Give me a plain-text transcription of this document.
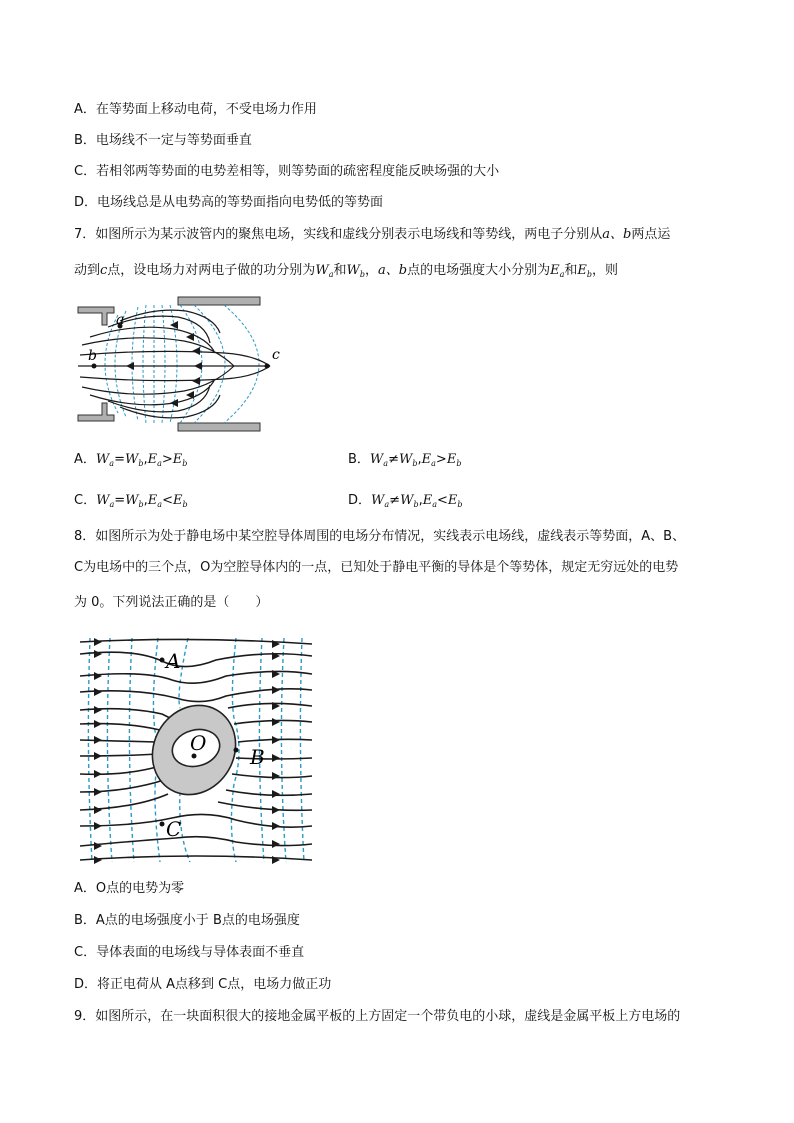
A．在等势面上移动电荷，不受电场力作用
B．电场线不一定与等势面垂直
C．若相邻两等势面的电势差相等，则等势面的疏密程度能反映场强的大小
D．电场线总是从电势高的等势面指向电势低的等势面
7．如图所示为某示波管内的聚焦电场，实线和虚线分别表示电场线和等势线，两电子分别从a、b两点运
动到c点，设电场力对两电子做的功分别为$W_a$和$W_b$，a、b点的电场强度大小分别为$E_a$和$E_b$，则
a
b	c
A．$W_a=W_b,E_a>E_b$	B．$W_a\ne W_b,E_a>E_b$
C．$W_a=W_b,E_a<E_b$	D．$W_a\ne W_b,E_a<E_b$
8．如图所示为处于静电场中某空腔导体周围的电场分布情况，实线表示电场线，虚线表示等势面，A、B、
C为电场中的三个点，O为空腔导体内的一点，已知处于静电平衡的导体是个等势体，规定无穷远处的电势
为 0。下列说法正确的是（　　）
A
B
C
O
A．O点的电势为零
B．A点的电场强度小于 B点的电场强度
C．导体表面的电场线与导体表面不垂直
D．将正电荷从 A点移到 C点，电场力做正功
9．如图所示，在一块面积很大的接地金属平板的上方固定一个带负电的小球，虚线是金属平板上方电场的
